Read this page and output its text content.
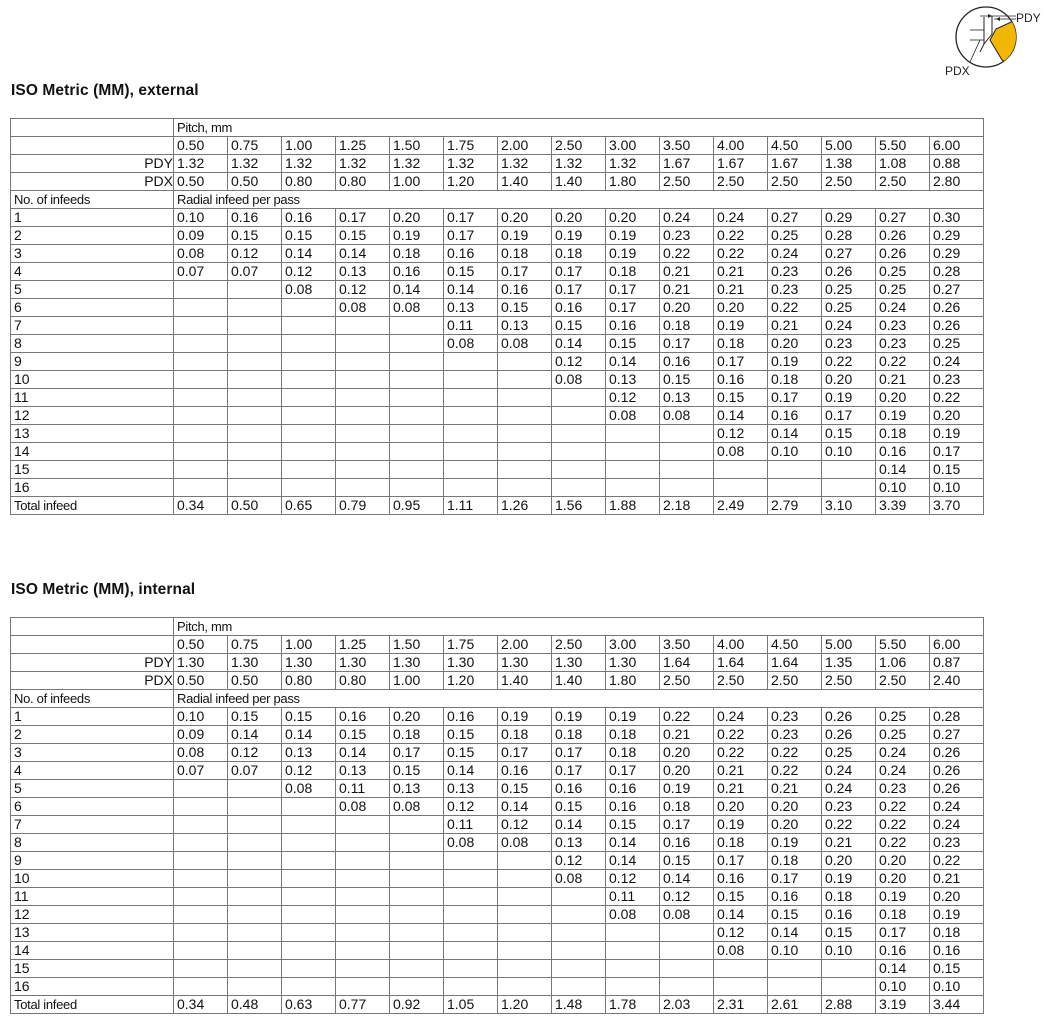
PDY
PDX
ISO Metric (MM), external
	Pitch, mm														
	0.50	0.75	1.00	1.25	1.50	1.75	2.00	2.50	3.00	3.50	4.00	4.50	5.00	5.50	6.00
PDY	1.32	1.32	1.32	1.32	1.32	1.32	1.32	1.32	1.32	1.67	1.67	1.67	1.38	1.08	0.88
PDX	0.50	0.50	0.80	0.80	1.00	1.20	1.40	1.40	1.80	2.50	2.50	2.50	2.50	2.50	2.80
No. of infeeds	Radial infeed per pass														
1	0.10	0.16	0.16	0.17	0.20	0.17	0.20	0.20	0.20	0.24	0.24	0.27	0.29	0.27	0.30
2	0.09	0.15	0.15	0.15	0.19	0.17	0.19	0.19	0.19	0.23	0.22	0.25	0.28	0.26	0.29
3	0.08	0.12	0.14	0.14	0.18	0.16	0.18	0.18	0.19	0.22	0.22	0.24	0.27	0.26	0.29
4	0.07	0.07	0.12	0.13	0.16	0.15	0.17	0.17	0.18	0.21	0.21	0.23	0.26	0.25	0.28
5			0.08	0.12	0.14	0.14	0.16	0.17	0.17	0.21	0.21	0.23	0.25	0.25	0.27
6				0.08	0.08	0.13	0.15	0.16	0.17	0.20	0.20	0.22	0.25	0.24	0.26
7						0.11	0.13	0.15	0.16	0.18	0.19	0.21	0.24	0.23	0.26
8						0.08	0.08	0.14	0.15	0.17	0.18	0.20	0.23	0.23	0.25
9								0.12	0.14	0.16	0.17	0.19	0.22	0.22	0.24
10								0.08	0.13	0.15	0.16	0.18	0.20	0.21	0.23
11									0.12	0.13	0.15	0.17	0.19	0.20	0.22
12									0.08	0.08	0.14	0.16	0.17	0.19	0.20
13											0.12	0.14	0.15	0.18	0.19
14											0.08	0.10	0.10	0.16	0.17
15														0.14	0.15
16														0.10	0.10
Total infeed	0.34	0.50	0.65	0.79	0.95	1.11	1.26	1.56	1.88	2.18	2.49	2.79	3.10	3.39	3.70
ISO Metric (MM), internal
	Pitch, mm														
	0.50	0.75	1.00	1.25	1.50	1.75	2.00	2.50	3.00	3.50	4.00	4.50	5.00	5.50	6.00
PDY	1.30	1.30	1.30	1.30	1.30	1.30	1.30	1.30	1.30	1.64	1.64	1.64	1.35	1.06	0.87
PDX	0.50	0.50	0.80	0.80	1.00	1.20	1.40	1.40	1.80	2.50	2.50	2.50	2.50	2.50	2.40
No. of infeeds	Radial infeed per pass														
1	0.10	0.15	0.15	0.16	0.20	0.16	0.19	0.19	0.19	0.22	0.24	0.23	0.26	0.25	0.28
2	0.09	0.14	0.14	0.15	0.18	0.15	0.18	0.18	0.18	0.21	0.22	0.23	0.26	0.25	0.27
3	0.08	0.12	0.13	0.14	0.17	0.15	0.17	0.17	0.18	0.20	0.22	0.22	0.25	0.24	0.26
4	0.07	0.07	0.12	0.13	0.15	0.14	0.16	0.17	0.17	0.20	0.21	0.22	0.24	0.24	0.26
5			0.08	0.11	0.13	0.13	0.15	0.16	0.16	0.19	0.21	0.21	0.24	0.23	0.26
6				0.08	0.08	0.12	0.14	0.15	0.16	0.18	0.20	0.20	0.23	0.22	0.24
7						0.11	0.12	0.14	0.15	0.17	0.19	0.20	0.22	0.22	0.24
8						0.08	0.08	0.13	0.14	0.16	0.18	0.19	0.21	0.22	0.23
9								0.12	0.14	0.15	0.17	0.18	0.20	0.20	0.22
10								0.08	0.12	0.14	0.16	0.17	0.19	0.20	0.21
11									0.11	0.12	0.15	0.16	0.18	0.19	0.20
12									0.08	0.08	0.14	0.15	0.16	0.18	0.19
13											0.12	0.14	0.15	0.17	0.18
14											0.08	0.10	0.10	0.16	0.16
15														0.14	0.15
16														0.10	0.10
Total infeed	0.34	0.48	0.63	0.77	0.92	1.05	1.20	1.48	1.78	2.03	2.31	2.61	2.88	3.19	3.44
